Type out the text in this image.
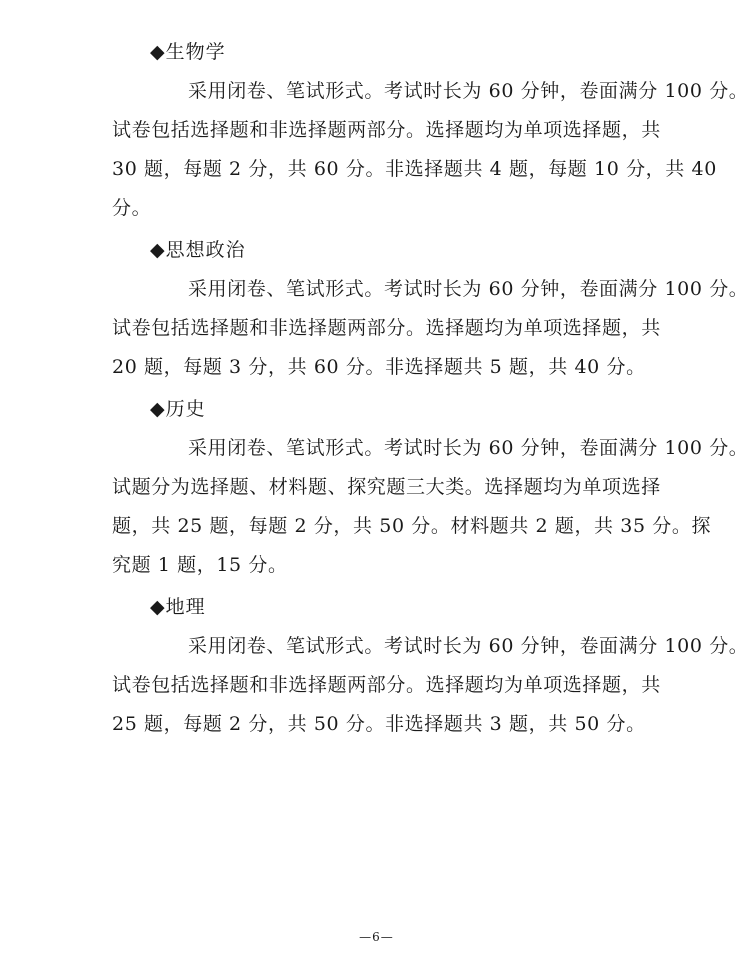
◆生物学

采用闭卷、笔试形式。考试时长为 60 分钟，卷面满分 100 分。
试卷包括选择题和非选择题两部分。选择题均为单项选择题，共
30 题，每题 2 分，共 60 分。非选择题共 4 题，每题 10 分，共 40
分。

◆思想政治

采用闭卷、笔试形式。考试时长为 60 分钟，卷面满分 100 分。
试卷包括选择题和非选择题两部分。选择题均为单项选择题，共
20 题，每题 3 分，共 60 分。非选择题共 5 题，共 40 分。

◆历史

采用闭卷、笔试形式。考试时长为 60 分钟，卷面满分 100 分。
试题分为选择题、材料题、探究题三大类。选择题均为单项选择
题，共 25 题，每题 2 分，共 50 分。材料题共 2 题，共 35 分。探
究题 1 题，15 分。

◆地理

采用闭卷、笔试形式。考试时长为 60 分钟，卷面满分 100 分。
试卷包括选择题和非选择题两部分。选择题均为单项选择题，共
25 题，每题 2 分，共 50 分。非选择题共 3 题，共 50 分。

—6—
